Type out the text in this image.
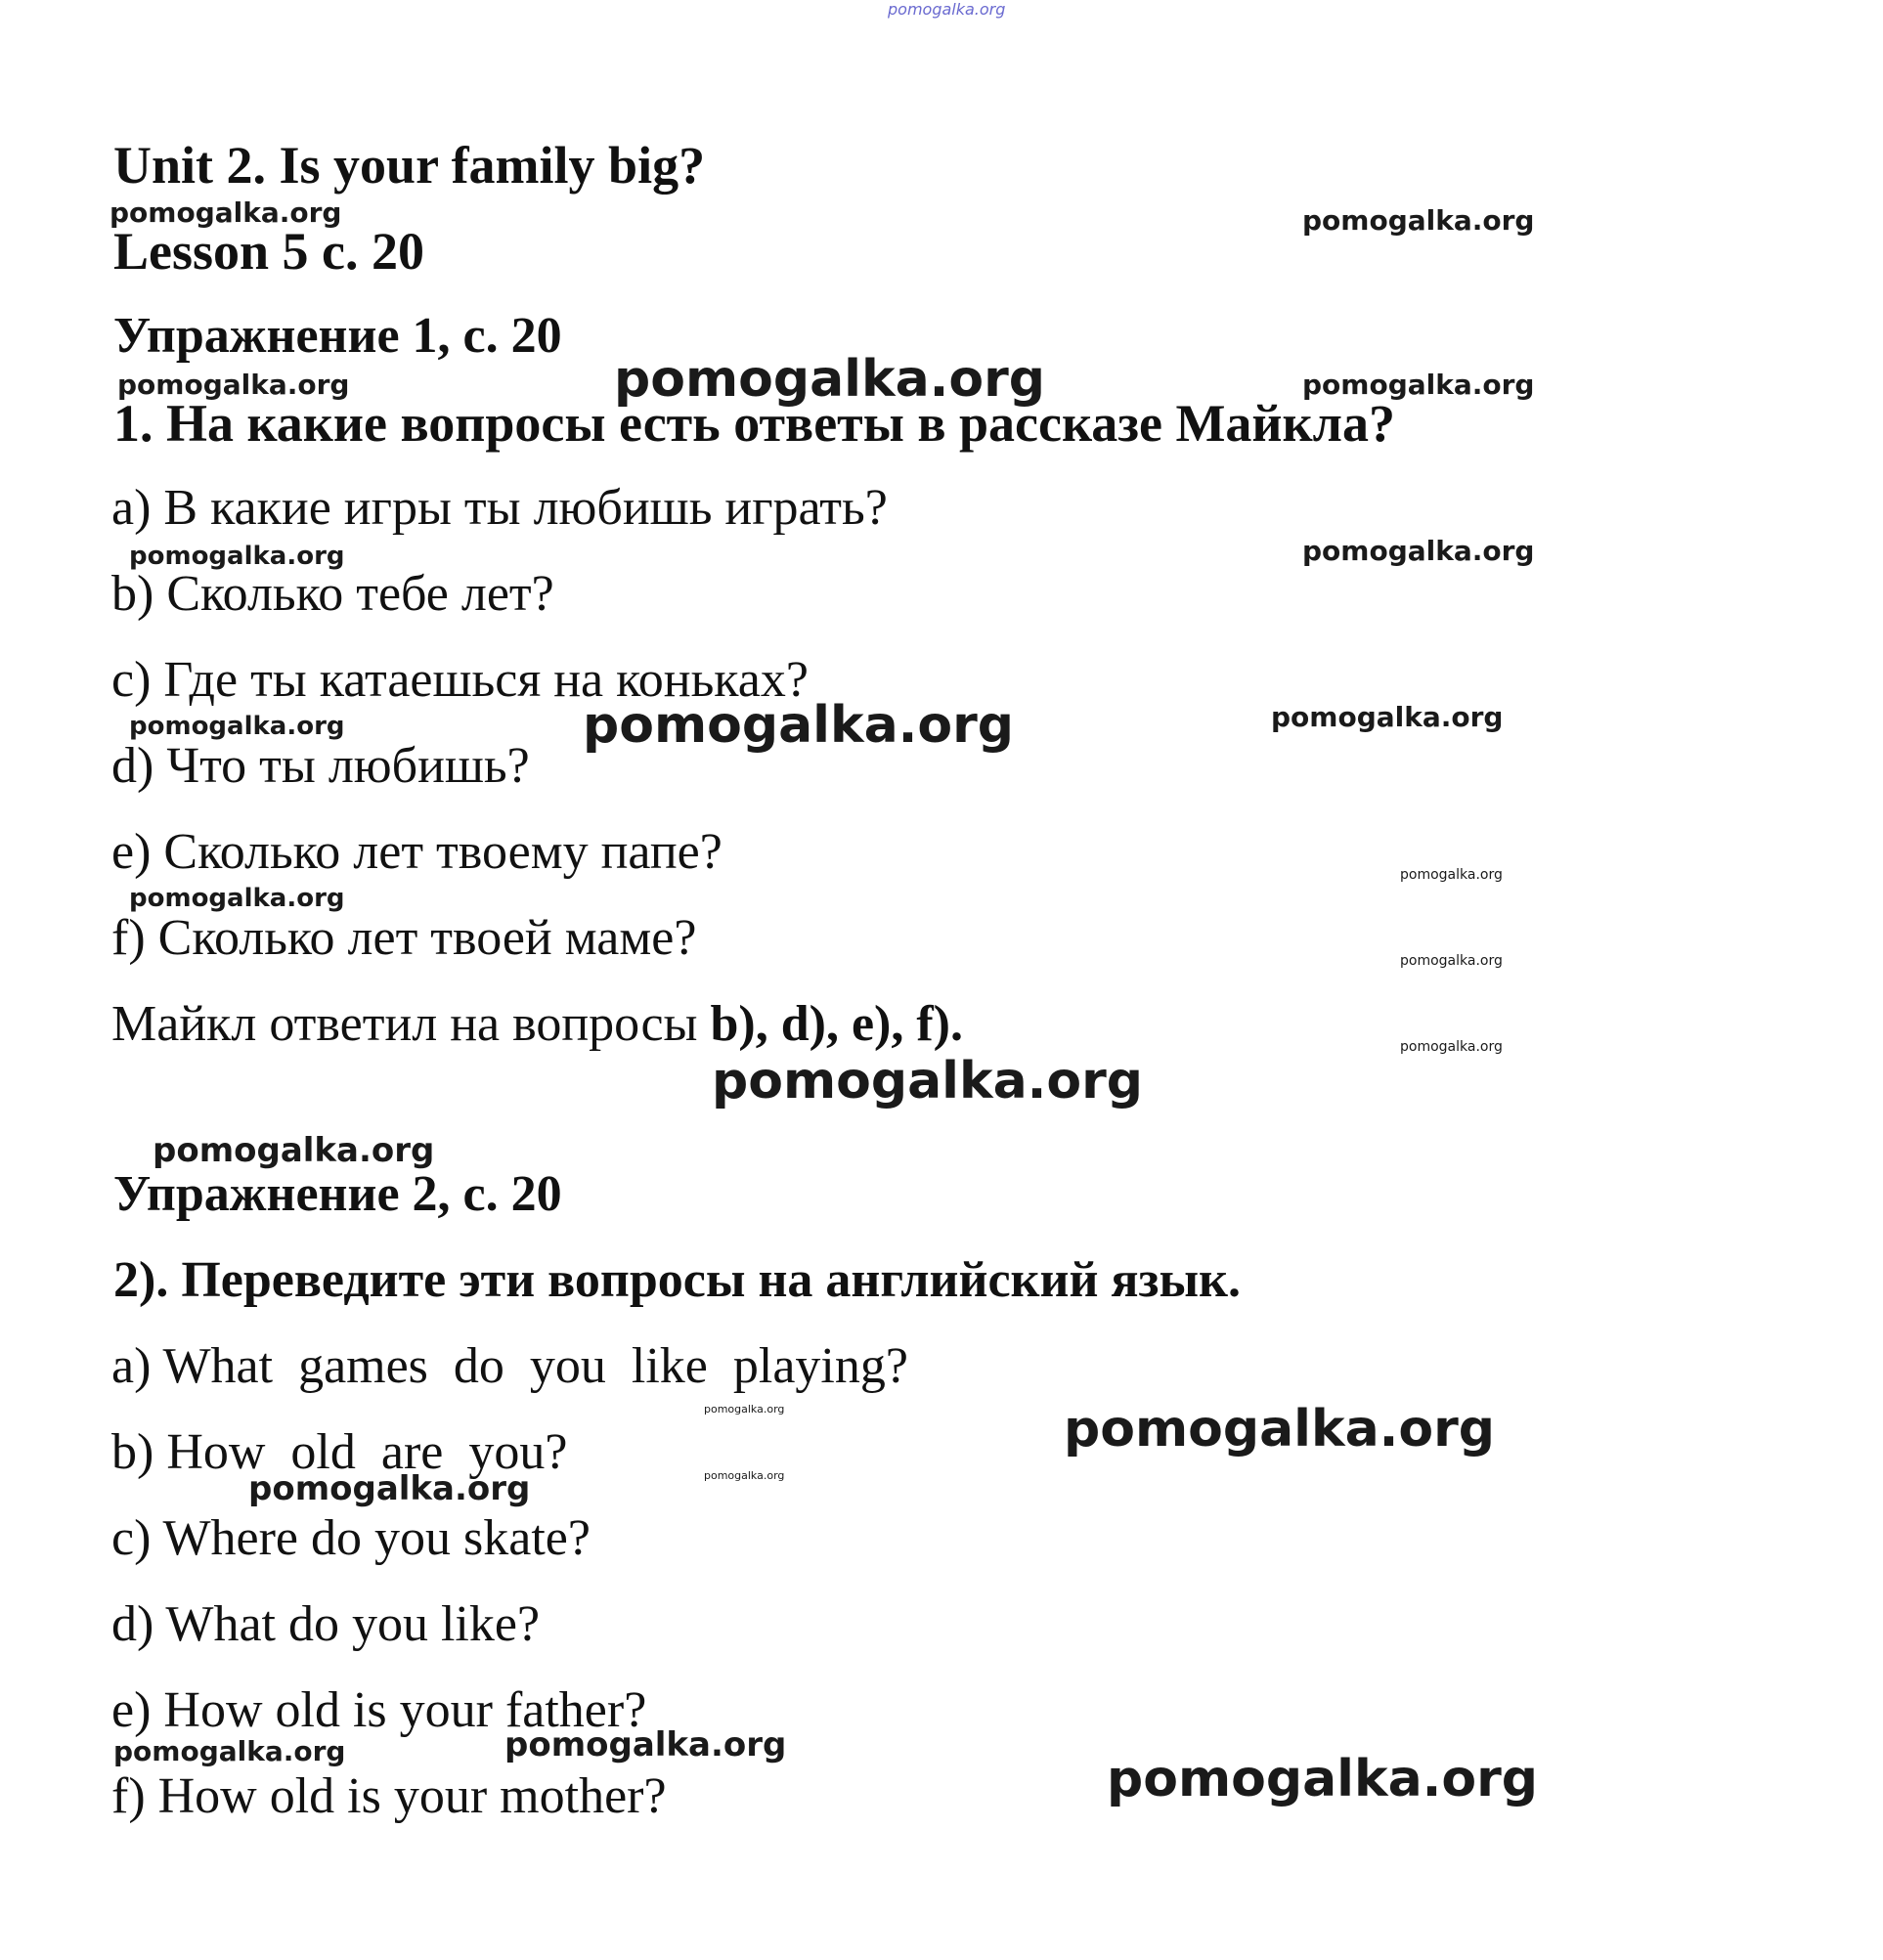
pomogalka.org
Unit 2. Is your family big?
Lesson 5 с. 20
Упражнение 1, с. 20
1. На какие вопросы есть ответы в рассказе Майкла?
a) В какие игры ты любишь играть?
b) Сколько тебе лет?
c) Где ты катаешься на коньках?
d) Что ты любишь?
e) Сколько лет твоему папе?
f) Сколько лет твоей маме?
Майкл ответил на вопросы b), d), e), f).
Упражнение 2, с. 20
2). Переведите эти вопросы на английский язык.
a) What  games  do  you  like  playing?
b) How  old  are  you?
c) Where do you skate?
d) What do you like?
e) How old is your father?
f) How old is your mother?
pomogalka.org	pomogalka.org
pomogalka.org	pomogalka.org	pomogalka.org
pomogalka.org	pomogalka.org
pomogalka.org	pomogalka.org	pomogalka.org
pomogalka.org
pomogalka.org
pomogalka.org
pomogalka.org
pomogalka.org
pomogalka.org
pomogalka.org	pomogalka.org
pomogalka.org
pomogalka.org
pomogalka.org
pomogalka.org	pomogalka.org
